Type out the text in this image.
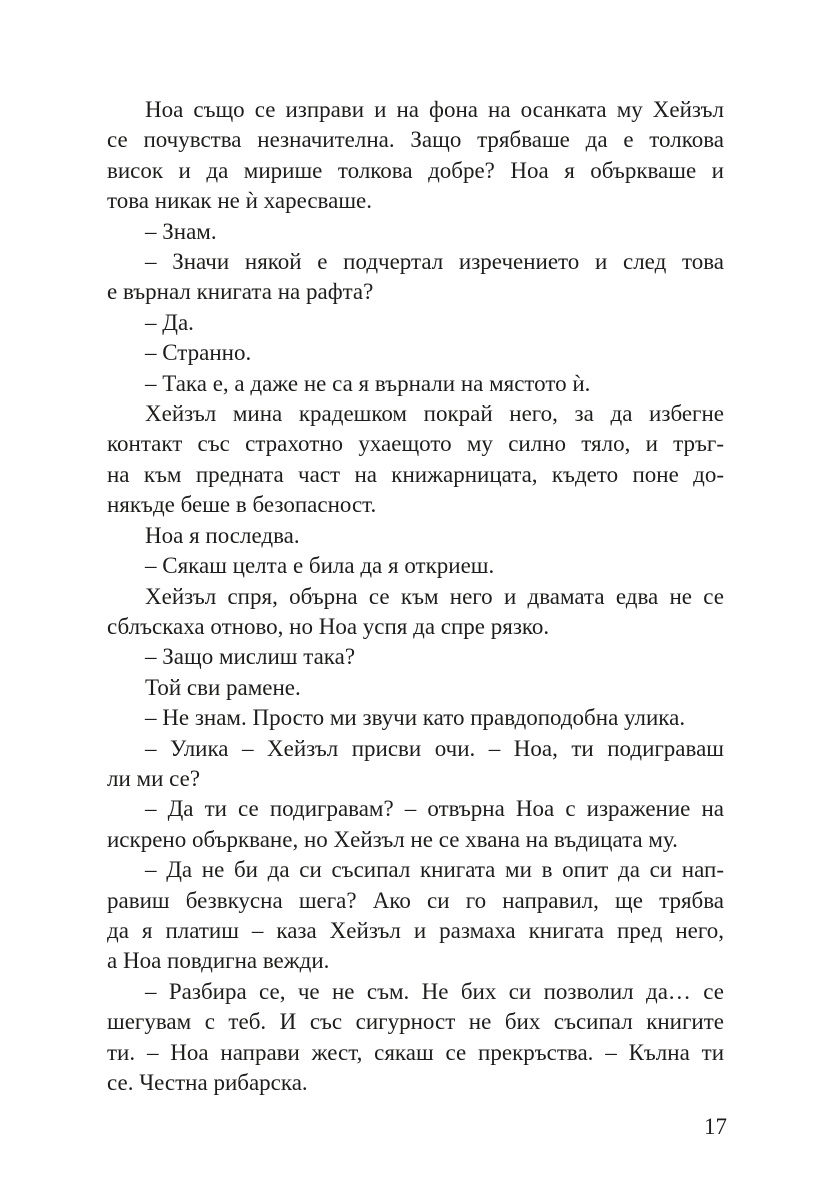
Ноа също се изправи и на фона на осанката му Хейзъл
се почувства незначителна. Защо трябваше да е толкова
висок и да мирише толкова добре? Ноа я объркваше и
това никак не ѝ харесваше.

– Знам.

– Значи някой е подчертал изречението и след това
е върнал книгата на рафта?

– Да.

– Странно.

– Така е, а даже не са я върнали на мястото ѝ.

Хейзъл мина крадешком покрай него, за да избегне
контакт със страхотно ухаещото му силно тяло, и тръг-
на към предната част на книжарницата, където поне до-
някъде беше в безопасност.

Ноа я последва.

– Сякаш целта е била да я откриеш.

Хейзъл спря, обърна се към него и двамата едва не се
сблъскаха отново, но Ноа успя да спре рязко.

– Защо мислиш така?

Той сви рамене.

– Не знам. Просто ми звучи като правдоподобна улика.

– Улика – Хейзъл присви очи. – Ноа, ти подиграваш
ли ми се?

– Да ти се подигравам? – отвърна Ноа с изражение на
искрено объркване, но Хейзъл не се хвана на въдицата му.

– Да не би да си съсипал книгата ми в опит да си нап-
равиш безвкусна шега? Ако си го направил, ще трябва
да я платиш – каза Хейзъл и размаха книгата пред него,
а Ноа повдигна вежди.

– Разбира се, че не съм. Не бих си позволил да… се
шегувам с теб. И със сигурност не бих съсипал книгите
ти. – Ноа направи жест, сякаш се прекръства. – Кълна ти
се. Честна рибарска.

17
